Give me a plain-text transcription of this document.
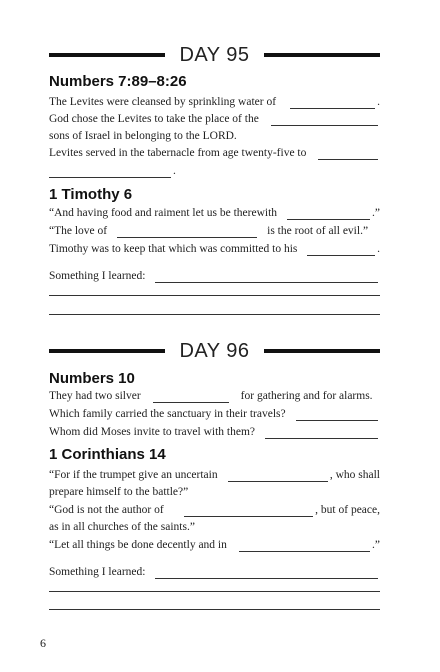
DAY 95
Numbers 7:89–8:26
The Levites were cleansed by sprinkling water of	.
God chose the Levites to take the place of the
sons of Israel in belonging to the LORD.
Levites served in the tabernacle from age twenty-five to
.
1 Timothy 6
“And having food and raiment let us be therewith	.”
“The love of	is the root of all evil.”
Timothy was to keep that which was committed to his	.
Something I learned:
DAY 96
Numbers 10
They had two silver	for gathering and for alarms.
Which family carried the sanctuary in their travels?
Whom did Moses invite to travel with them?
1 Corinthians 14
“For if the trumpet give an uncertain	, who shall
prepare himself to the battle?”
“God is not the author of	, but of peace,
as in all churches of the saints.”
“Let all things be done decently and in	.”
Something I learned:
6
